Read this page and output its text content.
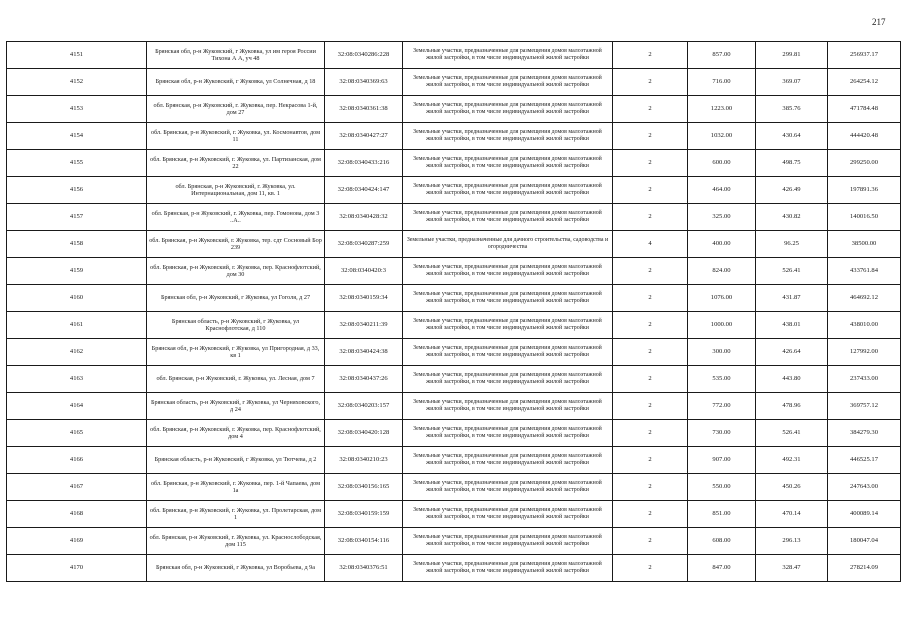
217
4151	Брянская обл, р-н Жуковский, г Жуковка, ул им героя России Тихона А А, уч 48	32:08:0340286:228	Земельные участки, предназначенные для размещения домов малоэтажной жилой застройки, в том числе индивидуальной жилой застройки	2	857.00	299.81	256937.17
4152	Брянская обл, р-н Жуковский, г Жуковка, ул Солнечная, д 18	32:08:0340369:63	Земельные участки, предназначенные для размещения домов малоэтажной жилой застройки, в том числе индивидуальной жилой застройки	2	716.00	369.07	264254.12
4153	обл. Брянская, р-н Жуковский, г. Жуковка, пер. Некрасова 1-й, дом 27	32:08:0340361:38	Земельные участки, предназначенные для размещения домов малоэтажной жилой застройки, в том числе индивидуальной жилой застройки	2	1223.00	385.76	471784.48
4154	обл. Брянская, р-н Жуковский, г. Жуковка, ул. Космонавтов, дом 11	32:08:0340427:27	Земельные участки, предназначенные для размещения домов малоэтажной жилой застройки, в том числе индивидуальной жилой застройки	2	1032.00	430.64	444420.48
4155	обл. Брянская, р-н Жуковский, г. Жуковка, ул. Партизанская, дом 22	32:08:0340433:216	Земельные участки, предназначенные для размещения домов малоэтажной жилой застройки, в том числе индивидуальной жилой застройки	2	600.00	498.75	299250.00
4156	обл. Брянская, р-н Жуковский, г. Жуковка, ул. Интернациональная, дом 11, кв. 1	32:08:0340424:147	Земельные участки, предназначенные для размещения домов малоэтажной жилой застройки, в том числе индивидуальной жилой застройки	2	464.00	426.49	197891.36
4157	обл. Брянская, р-н Жуковский, г. Жуковка, пер. Гомонова, дом 3 ..А..	32:08:0340428:32	Земельные участки, предназначенные для размещения домов малоэтажной жилой застройки, в том числе индивидуальной жилой застройки	2	325.00	430.82	140016.50
4158	обл. Брянская, р-н Жуковский, г. Жуковка, тер. сдт Сосновый Бор 239	32:08:0340287:259	Земельные участки, предназначенные для дачного строительства, садоводства и огородничества	4	400.00	96.25	38500.00
4159	обл. Брянская, р-н Жуковский, г. Жуковка, пер. Краснофлотский, дом 30	32:08:0340420:3	Земельные участки, предназначенные для размещения домов малоэтажной жилой застройки, в том числе индивидуальной жилой застройки	2	824.00	526.41	433761.84
4160	Брянская обл, р-н Жуковский, г Жуковка, ул Гоголя, д 27	32:08:0340159:34	Земельные участки, предназначенные для размещения домов малоэтажной жилой застройки, в том числе индивидуальной жилой застройки	2	1076.00	431.87	464692.12
4161	Брянская область, р-н Жуковский, г Жуковка, ул Краснофлотская, д 110	32:08:0340211:39	Земельные участки, предназначенные для размещения домов малоэтажной жилой застройки, в том числе индивидуальной жилой застройки	2	1000.00	438.01	438010.00
4162	Брянская обл, р-н Жуковский, г Жуковка, ул Пригородная, д 33, кв 1	32:08:0340424:38	Земельные участки, предназначенные для размещения домов малоэтажной жилой застройки, в том числе индивидуальной жилой застройки	2	300.00	426.64	127992.00
4163	обл. Брянская, р-н Жуковский, г. Жуковка, ул. Лесная, дом 7	32:08:0340437:26	Земельные участки, предназначенные для размещения домов малоэтажной жилой застройки, в том числе индивидуальной жилой застройки	2	535.00	443.80	237433.00
4164	Брянская область, р-н Жуковский, г Жуковка, ул Черняховского, д 24	32:08:0340203:157	Земельные участки, предназначенные для размещения домов малоэтажной жилой застройки, в том числе индивидуальной жилой застройки	2	772.00	478.96	369757.12
4165	обл. Брянская, р-н Жуковский, г. Жуковка, пер. Краснофлотский, дом 4	32:08:0340420:128	Земельные участки, предназначенные для размещения домов малоэтажной жилой застройки, в том числе индивидуальной жилой застройки	2	730.00	526.41	384279.30
4166	Брянская область, р-н Жуковский, г Жуковка, ул Тютчева, д 2	32:08:0340210:23	Земельные участки, предназначенные для размещения домов малоэтажной жилой застройки, в том числе индивидуальной жилой застройки	2	907.00	492.31	446525.17
4167	обл. Брянская, р-н Жуковский, г. Жуковка, пер. 1-й Чапаева, дом 1а	32:08:0340156:165	Земельные участки, предназначенные для размещения домов малоэтажной жилой застройки, в том числе индивидуальной жилой застройки	2	550.00	450.26	247643.00
4168	обл. Брянская, р-н Жуковский, г. Жуковка, ул. Пролетарская, дом 1	32:08:0340159:159	Земельные участки, предназначенные для размещения домов малоэтажной жилой застройки, в том числе индивидуальной жилой застройки	2	851.00	470.14	400089.14
4169	обл. Брянская, р-н Жуковский, г. Жуковка, ул. Краснослободская, дом 115	32:08:0340154:116	Земельные участки, предназначенные для размещения домов малоэтажной жилой застройки, в том числе индивидуальной жилой застройки	2	608.00	296.13	180047.04
4170	Брянская обл, р-н Жуковский, г Жуковка, ул Воробьева, д 9а	32:08:0340376:51	Земельные участки, предназначенные для размещения домов малоэтажной жилой застройки, в том числе индивидуальной жилой застройки	2	847.00	328.47	278214.09
